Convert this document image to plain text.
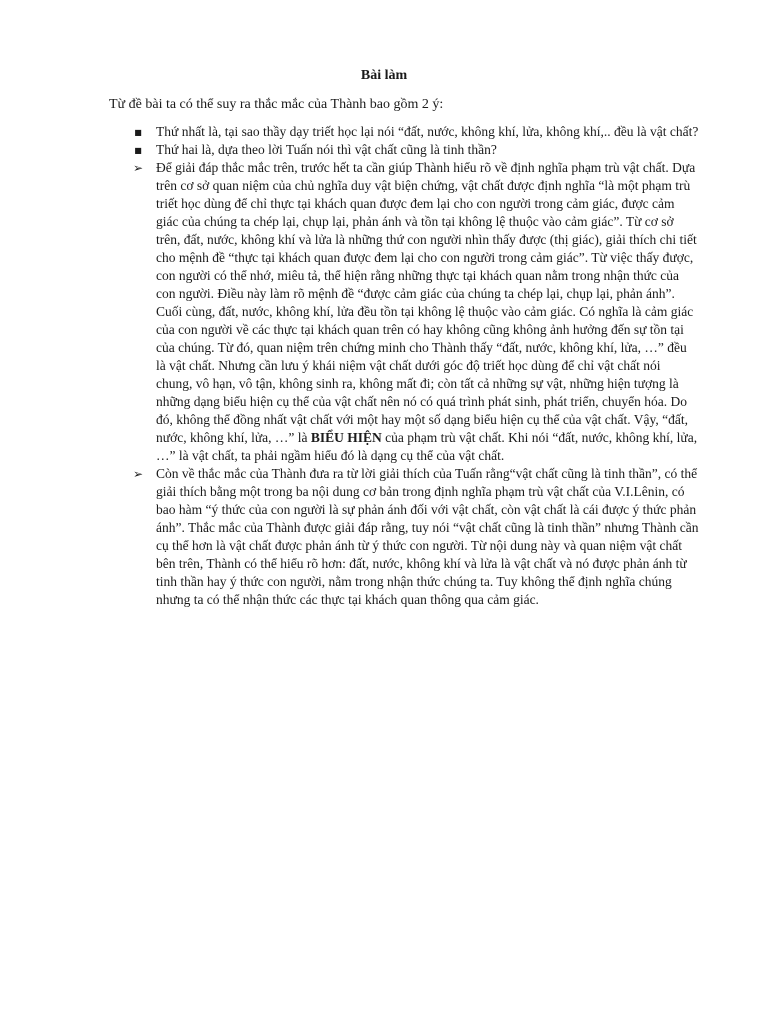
Bài làm
Từ đề bài ta có thể suy ra thắc mắc của Thành bao gồm 2 ý:
■ Thứ nhất là, tại sao thầy dạy triết học lại nói “đất, nước, không khí, lửa, không khí,.. đều là vật chất?
■ Thứ hai là, dựa theo lời Tuấn nói thì vật chất cũng là tinh thần?
➢ Để giải đáp thắc mắc trên, trước hết ta cần giúp Thành hiểu rõ về định nghĩa phạm trù vật chất. Dựa trên cơ sở quan niệm của chủ nghĩa duy vật biện chứng, vật chất được định nghĩa “là một phạm trù triết học dùng để chỉ thực tại khách quan được đem lại cho con người trong cảm giác, được cảm giác của chúng ta chép lại, chụp lại, phản ánh và tồn tại không lệ thuộc vào cảm giác”. Từ cơ sở trên, đất, nước, không khí và lửa là những thứ con người nhìn thấy được (thị giác), giải thích chi tiết cho mệnh đề “thực tại khách quan được đem lại cho con người trong cảm giác”. Từ việc thấy được, con người có thể nhớ, miêu tả, thể hiện rằng những thực tại khách quan nằm trong nhận thức của con người. Điều này làm rõ mệnh đề “được cảm giác của chúng ta chép lại, chụp lại, phản ánh”. Cuối cùng, đất, nước, không khí, lửa đều tồn tại không lệ thuộc vào cảm giác. Có nghĩa là cảm giác của con người về các thực tại khách quan trên có hay không cũng không ảnh hưởng đến sự tồn tại của chúng. Từ đó, quan niệm trên chứng minh cho Thành thấy “đất, nước, không khí, lửa, …” đều là vật chất. Nhưng cần lưu ý khái niệm vật chất dưới góc độ triết học dùng để chỉ vật chất nói chung, vô hạn, vô tận, không sinh ra, không mất đi; còn tất cả những sự vật, những hiện tượng là những dạng biểu hiện cụ thể của vật chất nên nó có quá trình phát sinh, phát triển, chuyển hóa. Do đó, không thể đồng nhất vật chất với một hay một số dạng biểu hiện cụ thể của vật chất. Vậy, “đất, nước, không khí, lửa, …” là BIỂU HIỆN của phạm trù vật chất. Khi nói “đất, nước, không khí, lửa, …” là vật chất, ta phải ngầm hiểu đó là dạng cụ thể của vật chất.
➢ Còn về thắc mắc của Thành đưa ra từ lời giải thích của Tuấn rằng“vật chất cũng là tinh thần”, có thể giải thích bằng một trong ba nội dung cơ bản trong định nghĩa phạm trù vật chất của V.I.Lênin, có bao hàm “ý thức của con người là sự phản ánh đối với vật chất, còn vật chất là cái được ý thức phản ánh”. Thắc mắc của Thành được giải đáp rằng, tuy nói “vật chất cũng là tinh thần” nhưng Thành cần cụ thể hơn là vật chất được phản ánh từ ý thức con người. Từ nội dung này và quan niệm vật chất bên trên, Thành có thể hiểu rõ hơn: đất, nước, không khí và lửa là vật chất và nó được phản ánh từ tinh thần hay ý thức con người, nằm trong nhận thức chúng ta. Tuy không thể định nghĩa chúng nhưng ta có thể nhận thức các thực tại khách quan thông qua cảm giác.
